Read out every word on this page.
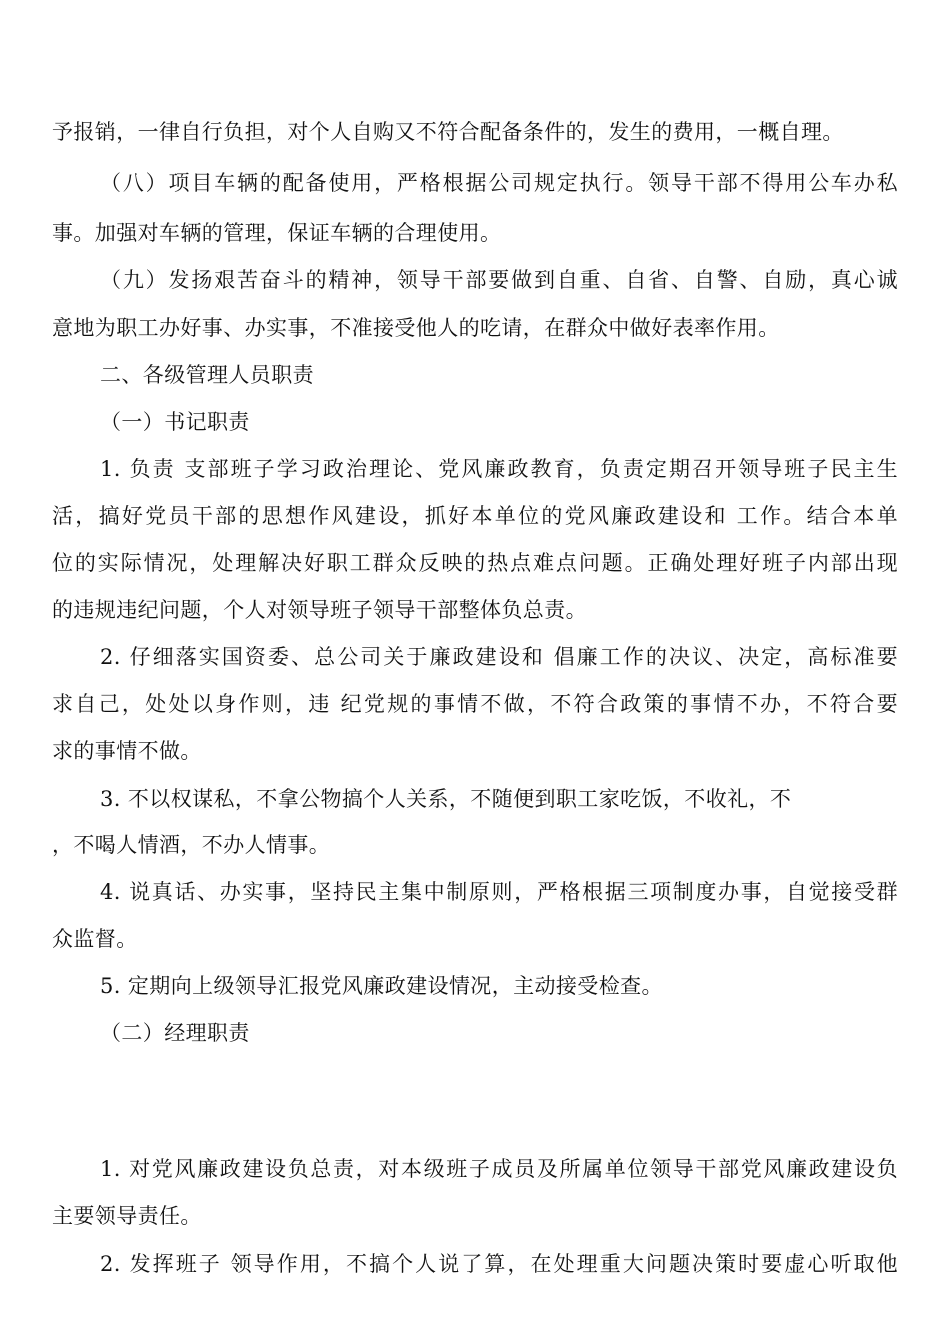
予报销，一律自行负担，对个人自购又不符合配备条件的，发生的费用，一概自理。
（八）项目车辆的配备使用，严格根据公司规定执行。领导干部不得用公车办私
事。加强对车辆的管理，保证车辆的合理使用。
（九）发扬艰苦奋斗的精神，领导干部要做到自重、自省、自警、自励，真心诚
意地为职工办好事、办实事，不准接受他人的吃请，在群众中做好表率作用。
二、各级管理人员职责
（一）书记职责
1. 负责 支部班子学习政治理论、党风廉政教育，负责定期召开领导班子民主生
活，搞好党员干部的思想作风建设，抓好本单位的党风廉政建设和 工作。结合本单
位的实际情况，处理解决好职工群众反映的热点难点问题。正确处理好班子内部出现
的违规违纪问题，个人对领导班子领导干部整体负总责。
2. 仔细落实国资委、总公司关于廉政建设和 倡廉工作的决议、决定，高标准要
求自己，处处以身作则，违 纪党规的事情不做，不符合政策的事情不办，不符合要
求的事情不做。
3. 不以权谋私，不拿公物搞个人关系，不随便到职工家吃饭，不收礼，不
，不喝人情酒，不办人情事。
4. 说真话、办实事，坚持民主集中制原则，严格根据三项制度办事，自觉接受群
众监督。
5. 定期向上级领导汇报党风廉政建设情况，主动接受检查。
（二）经理职责
1. 对党风廉政建设负总责，对本级班子成员及所属单位领导干部党风廉政建设负
主要领导责任。
2. 发挥班子 领导作用，不搞个人说了算，在处理重大问题决策时要虚心听取他
